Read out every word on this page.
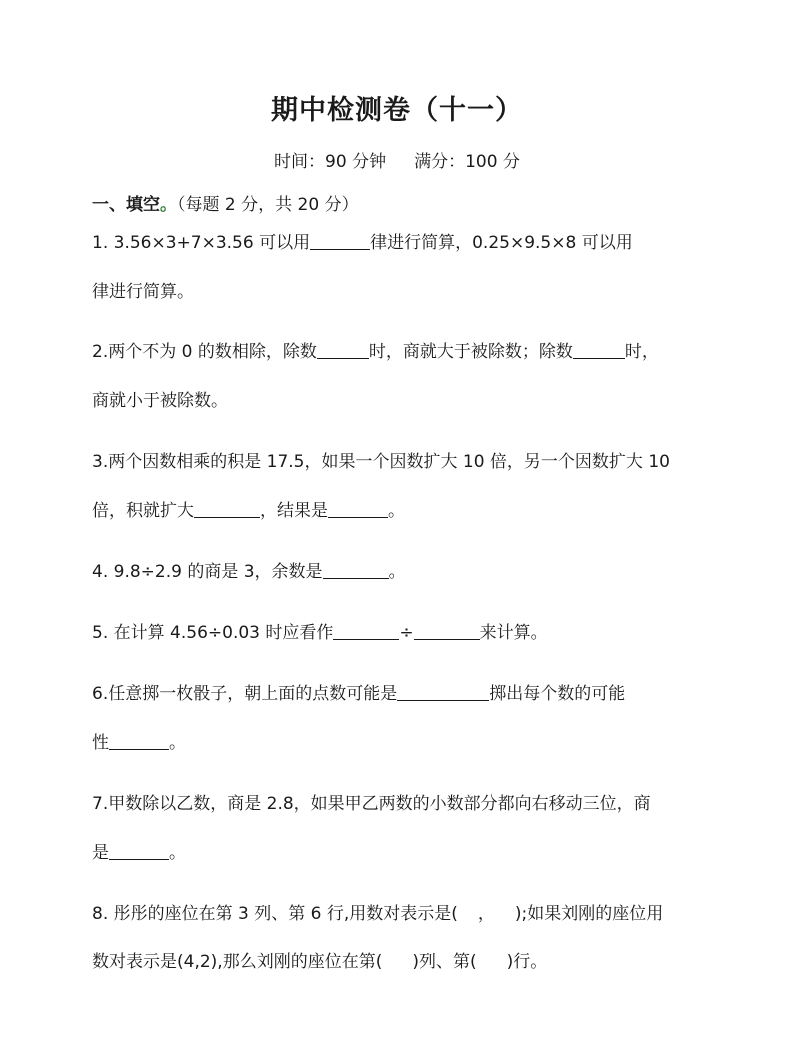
期中检测卷（十一）
时间：90 分钟 满分：100 分
一、填空。（每题 2 分，共 20 分）
1. 3.56×3+7×3.56 可以用	律进行简算，0.25×9.5×8 可以用
律进行简算。
2.两个不为 0 的数相除，除数	时，商就大于被除数；除数	时，
商就小于被除数。
3.两个因数相乘的积是 17.5，如果一个因数扩大 10 倍，另一个因数扩大 10
倍，积就扩大	，结果是	。
4. 9.8÷2.9 的商是 3，余数是	。
5. 在计算 4.56÷0.03 时应看作	÷	来计算。
6.任意掷一枚骰子，朝上面的点数可能是	掷出每个数的可能
性	。
7.甲数除以乙数，商是 2.8，如果甲乙两数的小数部分都向右移动三位，商
是	。
8. 彤彤的座位在第 3 列、第 6 行,用数对表示是( ， );如果刘刚的座位用
数对表示是(4,2),那么刘刚的座位在第( )列、第( )行。
